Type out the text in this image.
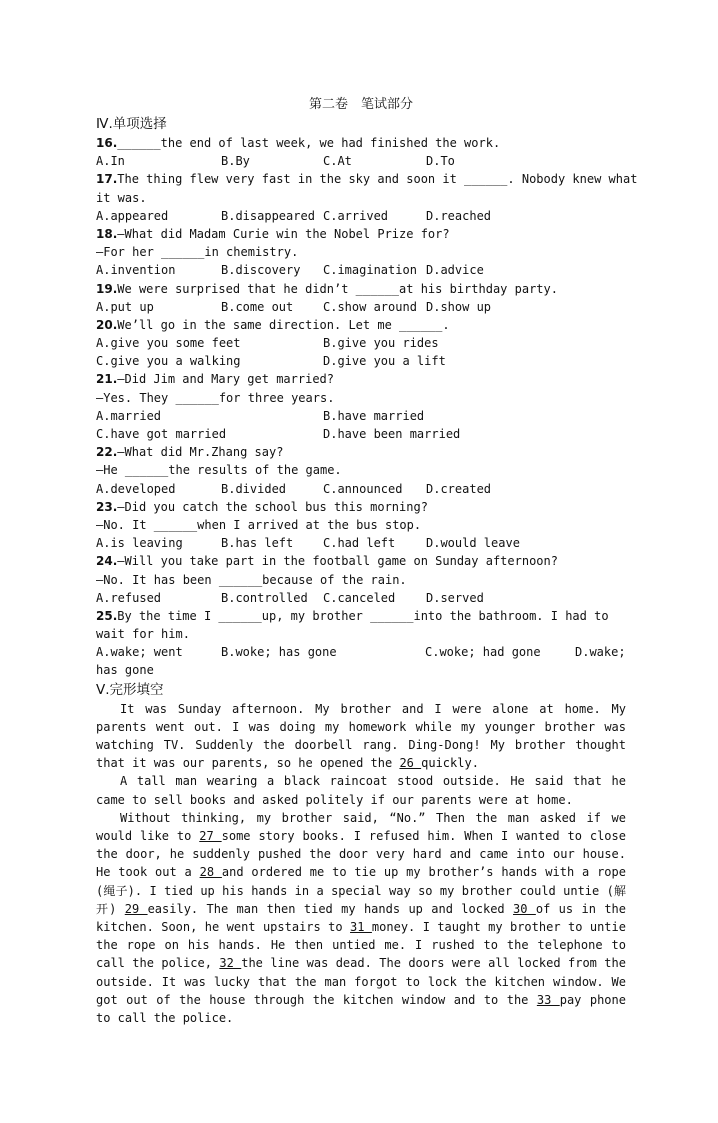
第二卷　笔试部分
Ⅳ.单项选择
16.______the end of last week, we had finished the work.
A.In	B.By	C.At	D.To
17.The thing flew very fast in the sky and soon it ______. Nobody knew what
it was.
A.appeared	B.disappeared C.arrived	D.reached
18.—What did Madam Curie win the Nobel Prize for?
—For her ______in chemistry.
A.invention	B.discovery	C.imagination D.advice
19.We were surprised that he didn’t ______at his birthday party.
A.put up	B.come out	C.show around D.show up
20.We’ll go in the same direction. Let me ______.
A.give you some feet	B.give you rides
C.give you a walking	D.give you a lift
21.—Did Jim and Mary get married?
—Yes. They ______for three years.
A.married	B.have married
C.have got married	D.have been married
22.—What did Mr.Zhang say?
—He ______the results of the game.
A.developed	B.divided	C.announced	D.created
23.—Did you catch the school bus this morning?
—No. It ______when I arrived at the bus stop.
A.is leaving	B.has left	C.had left	D.would leave
24.—Will you take part in the football game on Sunday afternoon?
—No. It has been ______because of the rain.
A.refused	B.controlled	C.canceled	D.served
25.By the time I ______up, my brother ______into the bathroom. I had to
wait for him.
A.wake; went	B.woke; has gone	C.woke; had gone	D.wake;
has gone
Ⅴ.完形填空

It was Sunday afternoon. My brother and I were alone at home. My parents went out. I was doing my homework while my younger brother was watching TV. Suddenly the doorbell rang. Ding-Dong! My brother thought that it was our parents, so he opened the 26 quickly.

A tall man wearing a black raincoat stood outside. He said that he came to sell books and asked politely if our parents were at home.

Without thinking, my brother said, “No.” Then the man asked if we would like to 27 some story books. I refused him. When I wanted to close the door, he suddenly pushed the door very hard and came into our house. He took out a 28 and ordered me to tie up my brother’s hands with a rope (绳子). I tied up his hands in a special way so my brother could untie (解开) 29 easily. The man then tied my hands up and locked 30 of us in the kitchen. Soon, he went upstairs to 31 money. I taught my brother to untie the rope on his hands. He then untied me. I rushed to the telephone to call the police, 32 the line was dead. The doors were all locked from the outside. It was lucky that the man forgot to lock the kitchen window. We got out of the house through the kitchen window and to the 33 pay phone to call the police.
